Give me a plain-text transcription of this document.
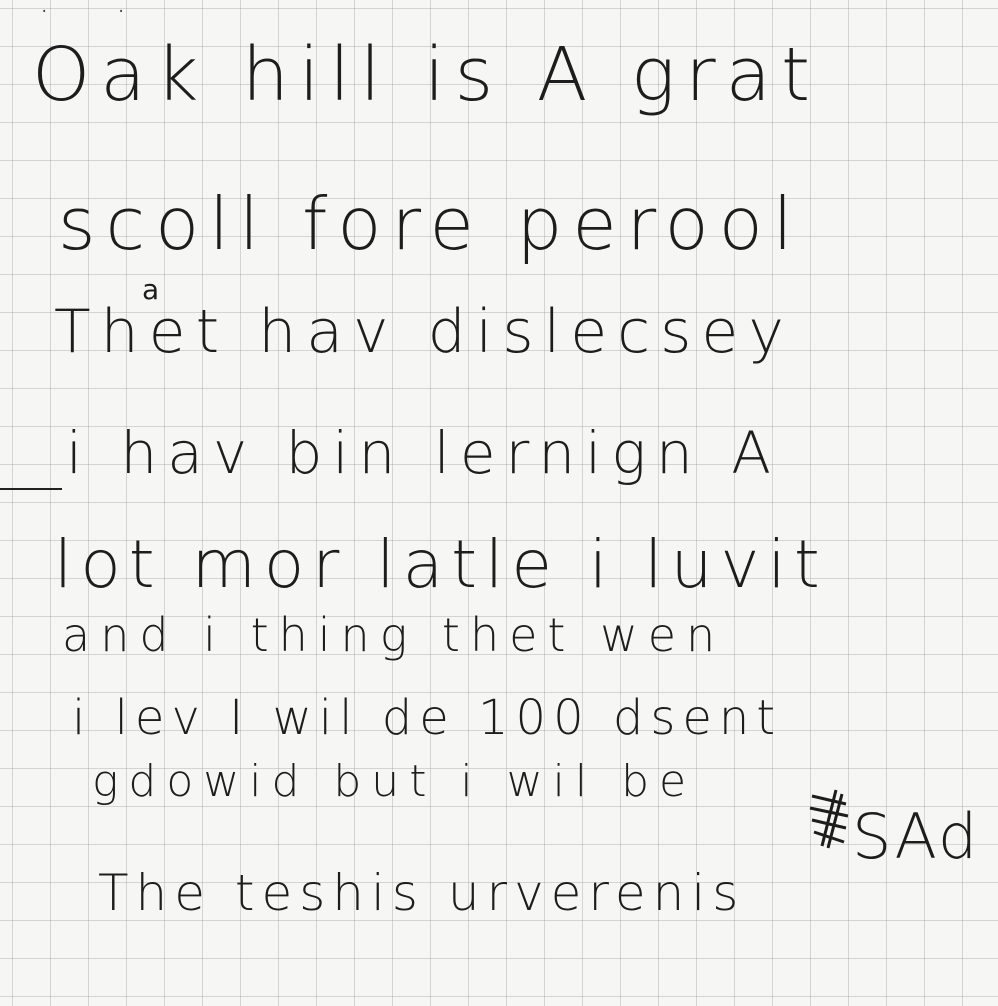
. .
Oak hill is A grat
scoll fore perool
a
Thet hav dislecsey
i hav bin lernign A
lot mor latle i luvit
and i thing thet wen
i lev I wil de 100 dsent
gdowid but i wil be
SAd
The teshis urverenis
